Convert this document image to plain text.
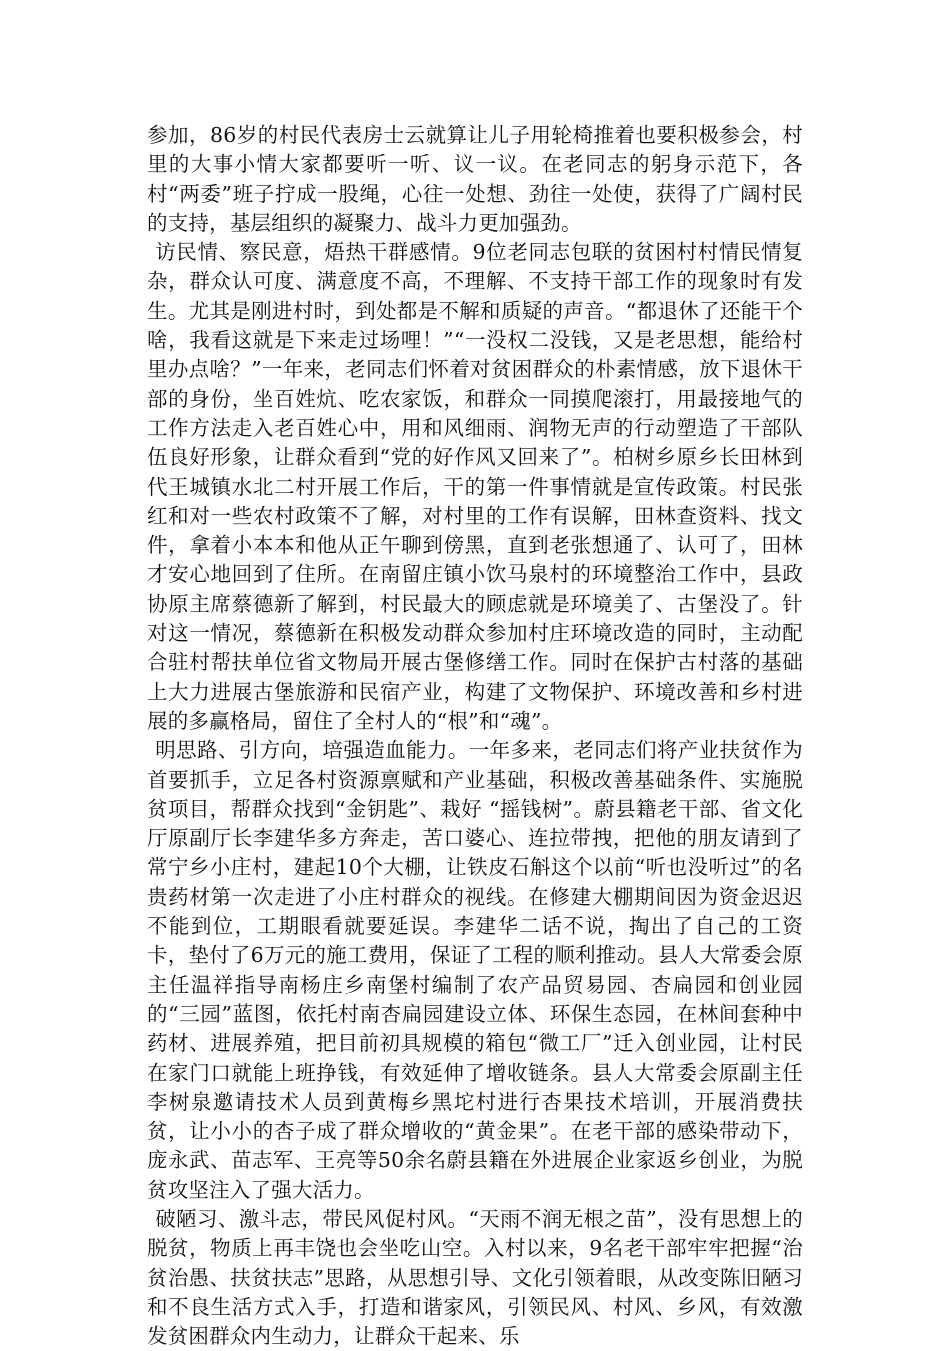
参加，86岁的村民代表房士云就算让儿子用轮椅推着也要积极参会，村里的大事小情大家都要听一听、议一议。在老同志的躬身示范下，各村“两委”班子拧成一股绳，心往一处想、劲往一处使，获得了广阔村民的支持，基层组织的凝聚力、战斗力更加强劲。

访民情、察民意，焐热干群感情。9位老同志包联的贫困村村情民情复杂，群众认可度、满意度不高，不理解、不支持干部工作的现象时有发生。尤其是刚进村时，到处都是不解和质疑的声音。“都退休了还能干个啥，我看这就是下来走过场哩！”“一没权二没钱，又是老思想，能给村里办点啥？”一年来，老同志们怀着对贫困群众的朴素情感，放下退休干部的身份，坐百姓炕、吃农家饭，和群众一同摸爬滚打，用最接地气的工作方法走入老百姓心中，用和风细雨、润物无声的行动塑造了干部队伍良好形象，让群众看到“党的好作风又回来了”。柏树乡原乡长田林到代王城镇水北二村开展工作后，干的第一件事情就是宣传政策。村民张红和对一些农村政策不了解，对村里的工作有误解，田林查资料、找文件，拿着小本本和他从正午聊到傍黑，直到老张想通了、认可了，田林才安心地回到了住所。在南留庄镇小饮马泉村的环境整治工作中，县政协原主席蔡德新了解到，村民最大的顾虑就是环境美了、古堡没了。针对这一情况，蔡德新在积极发动群众参加村庄环境改造的同时，主动配合驻村帮扶单位省文物局开展古堡修缮工作。同时在保护古村落的基础上大力进展古堡旅游和民宿产业，构建了文物保护、环境改善和乡村进展的多赢格局，留住了全村人的“根”和“魂”。

明思路、引方向，培强造血能力。一年多来，老同志们将产业扶贫作为首要抓手，立足各村资源禀赋和产业基础，积极改善基础条件、实施脱贫项目，帮群众找到“金钥匙”、栽好 “摇钱树”。蔚县籍老干部、省文化厅原副厅长李建华多方奔走，苦口婆心、连拉带拽，把他的朋友请到了常宁乡小庄村，建起10个大棚，让铁皮石斛这个以前“听也没听过”的名贵药材第一次走进了小庄村群众的视线。在修建大棚期间因为资金迟迟不能到位，工期眼看就要延误。李建华二话不说，掏出了自己的工资卡，垫付了6万元的施工费用，保证了工程的顺利推动。县人大常委会原主任温祥指导南杨庄乡南堡村编制了农产品贸易园、杏扁园和创业园的“三园”蓝图，依托村南杏扁园建设立体、环保生态园，在林间套种中药材、进展养殖，把目前初具规模的箱包“微工厂”迁入创业园，让村民在家门口就能上班挣钱，有效延伸了增收链条。县人大常委会原副主任李树泉邀请技术人员到黄梅乡黑坨村进行杏果技术培训，开展消费扶贫，让小小的杏子成了群众增收的“黄金果”。在老干部的感染带动下，庞永武、苗志军、王亮等50余名蔚县籍在外进展企业家返乡创业，为脱贫攻坚注入了强大活力。

破陋习、激斗志，带民风促村风。“天雨不润无根之苗”，没有思想上的脱贫，物质上再丰饶也会坐吃山空。入村以来，9名老干部牢牢把握“治贫治愚、扶贫扶志”思路，从思想引导、文化引领着眼，从改变陈旧陋习和不良生活方式入手，打造和谐家风，引领民风、村风、乡风，有效激发贫困群众内生动力，让群众干起来、乐
